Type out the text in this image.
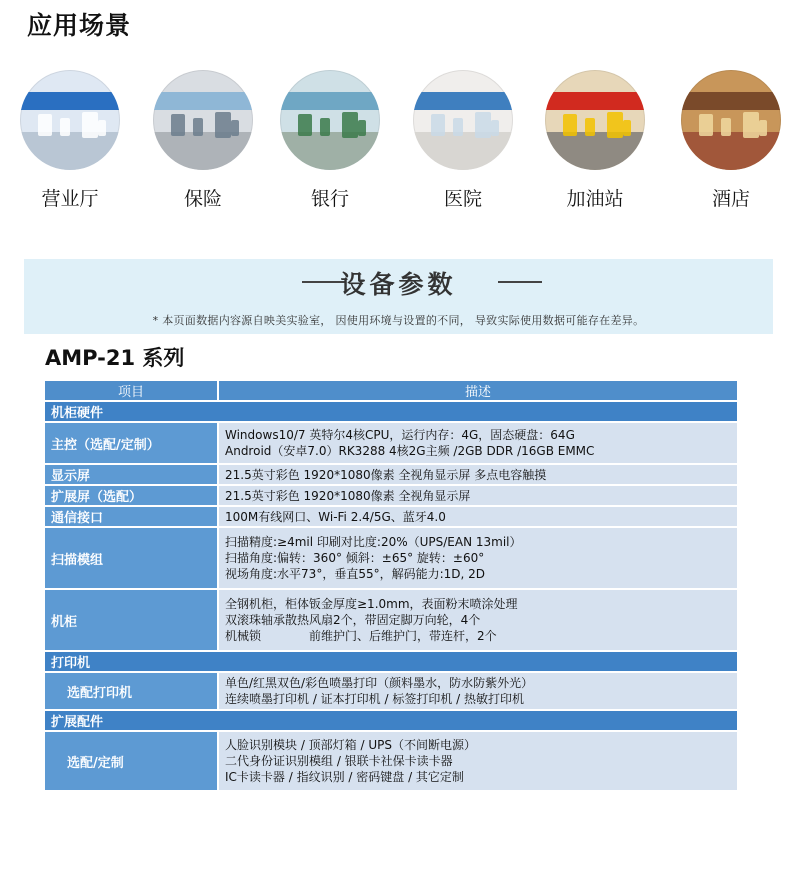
应用场景
营业厅	保险	银行	医院	加油站	酒店
设备参数
* 本页面数据内容源自映美实验室， 因使用环境与设置的不同， 导致实际使用数据可能存在差异。
AMP-21 系列
项目	描述
机柜硬件	
主控（选配/定制）	Windows10/7 英特尔4核CPU，运行内存：4G，固态硬盘：64G
Android（安卓7.0）RK3288 4核2G主频 /2GB DDR /16GB EMMC

显示屏	21.5英寸彩色 1920*1080像素 全视角显示屏 多点电容触摸

扩展屏（选配）	21.5英寸彩色 1920*1080像素 全视角显示屏

通信接口	100M有线网口、Wi-Fi 2.4/5G、蓝牙4.0

扫描模组	扫描精度:≥4mil 印刷对比度:20%（UPS/EAN 13mil）
扫描角度:偏转：360° 倾斜：±65° 旋转：±60°
视场角度:水平73°，垂直55°，解码能力:1D, 2D

机柜	全钢机柜，柜体钣金厚度≥1.0mm，表面粉末喷涂处理
双滚珠轴承散热风扇2个，带固定脚万向轮，4个
机械锁　　　　前维护门、后维护门，带连杆，2个

打印机	
选配打印机	单色/红黑双色/彩色喷墨打印（颜料墨水，防水防紫外光）
连续喷墨打印机 / 证本打印机 / 标签打印机 / 热敏打印机

扩展配件	
选配/定制	人脸识别模块 / 顶部灯箱 / UPS（不间断电源）
二代身份证识别模组 / 银联卡社保卡读卡器
IC卡读卡器 / 指纹识别 / 密码键盘 / 其它定制
